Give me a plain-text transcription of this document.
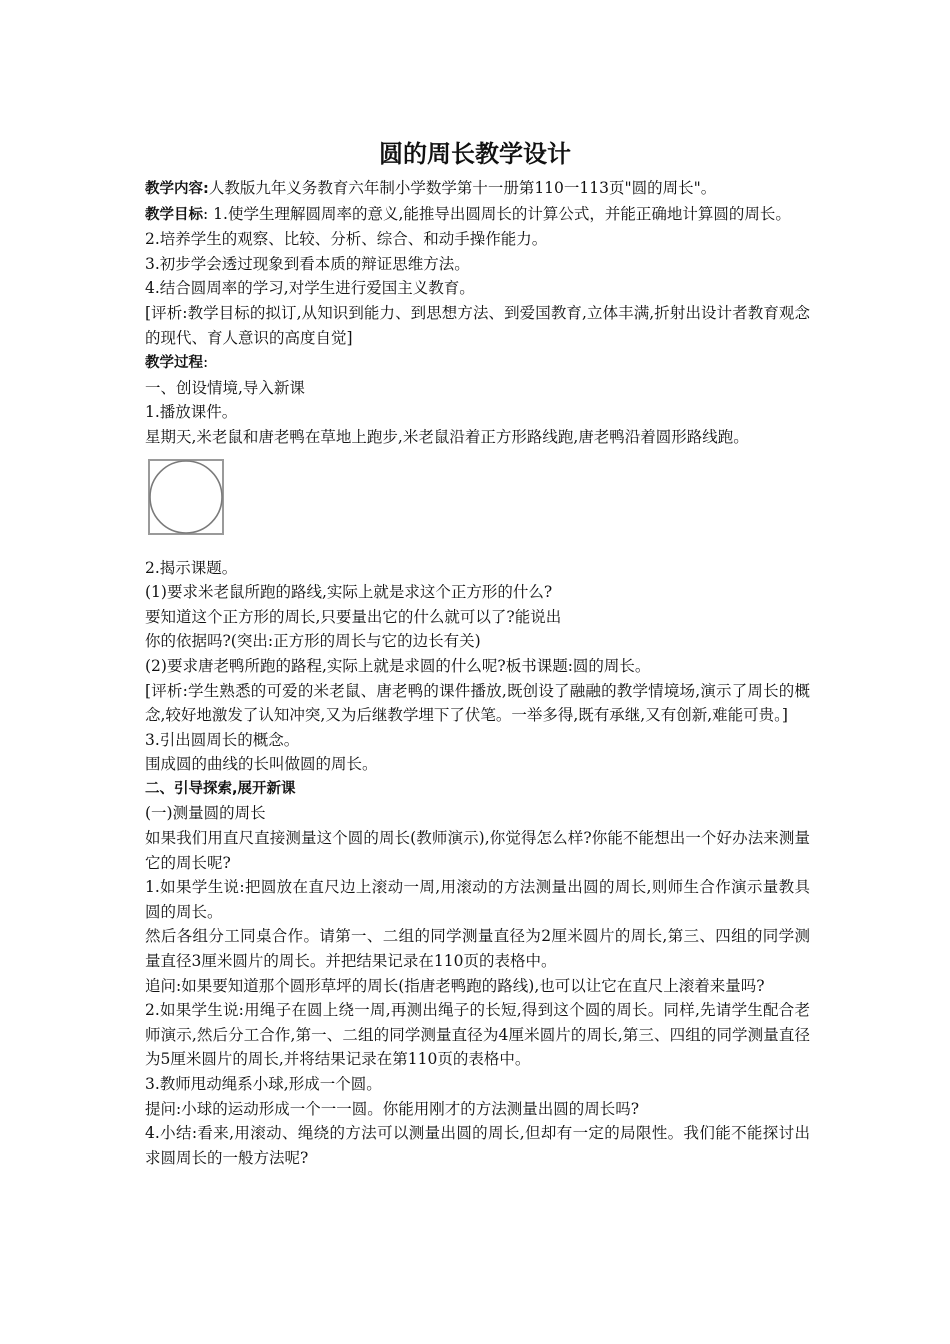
圆的周长教学设计

教学内容:人教版九年义务教育六年制小学数学第十一册第110一113页"圆的周长"。

教学目标: 1.使学生理解圆周率的意义,能推导出圆周长的计算公式，并能正确地计算圆的周长。

2.培养学生的观察、比较、分析、综合、和动手操作能力。

3.初步学会透过现象到看本质的辩证思维方法。

4.结合圆周率的学习,对学生进行爱国主义教育。

[评析:教学目标的拟订,从知识到能力、到思想方法、到爱国教育,立体丰满,折射出设计者教育观念的现代、育人意识的高度自觉]

教学过程:

一、创设情境,导入新课

1.播放课件。

星期天,米老鼠和唐老鸭在草地上跑步,米老鼠沿着正方形路线跑,唐老鸭沿着圆形路线跑。

2.揭示课题。

(1)要求米老鼠所跑的路线,实际上就是求这个正方形的什么?

要知道这个正方形的周长,只要量出它的什么就可以了?能说出

你的依据吗?(突出:正方形的周长与它的边长有关)

(2)要求唐老鸭所跑的路程,实际上就是求圆的什么呢?板书课题:圆的周长。

[评析:学生熟悉的可爱的米老鼠、唐老鸭的课件播放,既创设了融融的教学情境场,演示了周长的概念,较好地激发了认知冲突,又为后继教学埋下了伏笔。一举多得,既有承继,又有创新,难能可贵。]

3.引出圆周长的概念。

围成圆的曲线的长叫做圆的周长。

二、引导探索,展开新课

(一)测量圆的周长

如果我们用直尺直接测量这个圆的周长(教师演示),你觉得怎么样?你能不能想出一个好办法来测量它的周长呢?

1.如果学生说:把圆放在直尺边上滚动一周,用滚动的方法测量出圆的周长,则师生合作演示量教具圆的周长。

然后各组分工同桌合作。请第一、二组的同学测量直径为2厘米圆片的周长,第三、四组的同学测量直径3厘米圆片的周长。并把结果记录在110页的表格中。

追问:如果要知道那个圆形草坪的周长(指唐老鸭跑的路线),也可以让它在直尺上滚着来量吗?

2.如果学生说:用绳子在圆上绕一周,再测出绳子的长短,得到这个圆的周长。同样,先请学生配合老师演示,然后分工合作,第一、二组的同学测量直径为4厘米圆片的周长,第三、四组的同学测量直径为5厘米圆片的周长,并将结果记录在第110页的表格中。

3.教师甩动绳系小球,形成一个圆。

提问:小球的运动形成一个一一圆。你能用刚才的方法测量出圆的周长吗?

4.小结:看来,用滚动、绳绕的方法可以测量出圆的周长,但却有一定的局限性。我们能不能探讨出求圆周长的一般方法呢?
